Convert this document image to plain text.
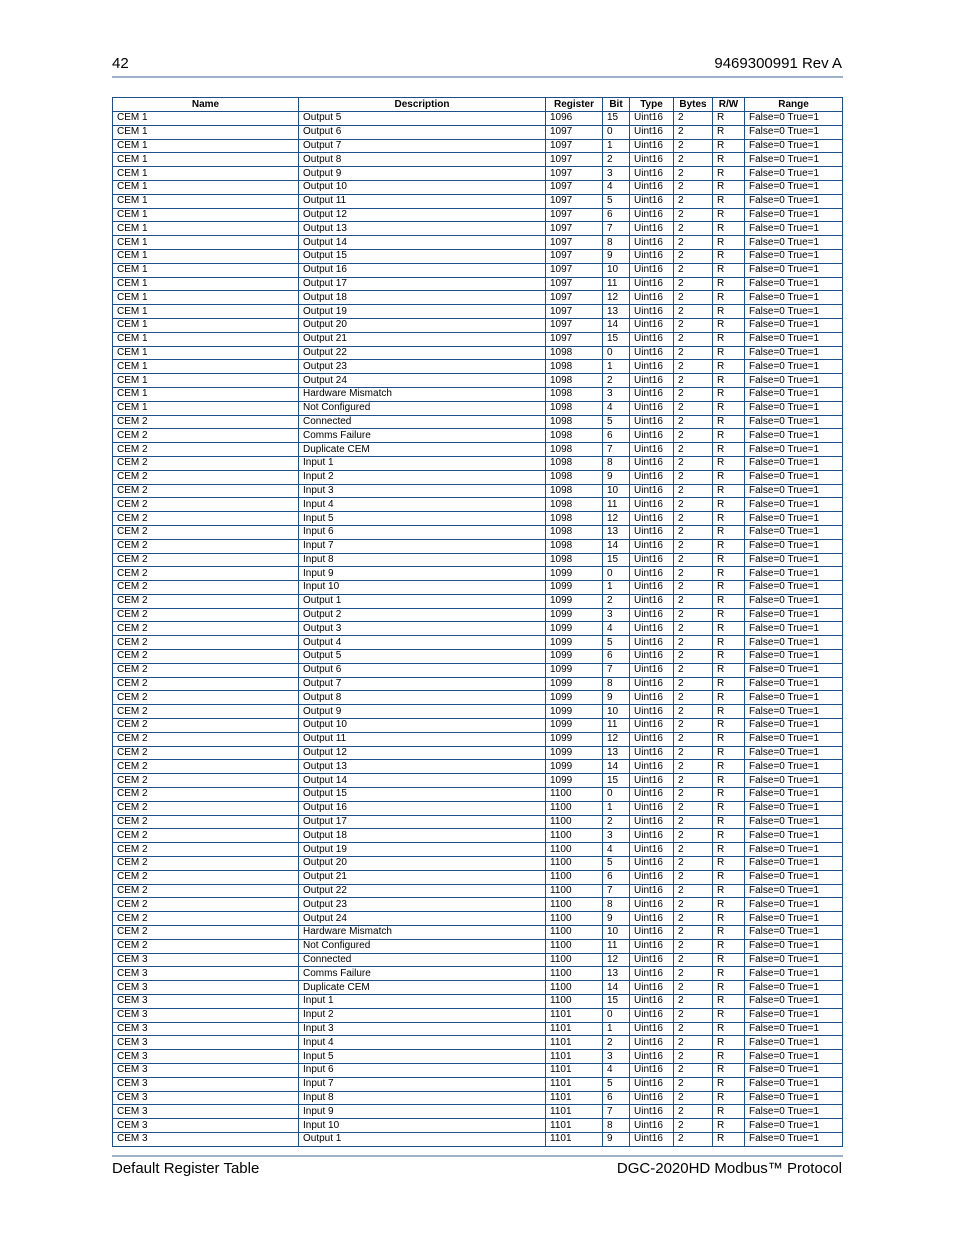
42	9469300991 Rev A
Name	Description	Register	Bit	Type	Bytes	R/W	Range
CEM 1	Output 5	1096	15	Uint16	2	R	False=0 True=1
CEM 1	Output 6	1097	0	Uint16	2	R	False=0 True=1
CEM 1	Output 7	1097	1	Uint16	2	R	False=0 True=1
CEM 1	Output 8	1097	2	Uint16	2	R	False=0 True=1
CEM 1	Output 9	1097	3	Uint16	2	R	False=0 True=1
CEM 1	Output 10	1097	4	Uint16	2	R	False=0 True=1
CEM 1	Output 11	1097	5	Uint16	2	R	False=0 True=1
CEM 1	Output 12	1097	6	Uint16	2	R	False=0 True=1
CEM 1	Output 13	1097	7	Uint16	2	R	False=0 True=1
CEM 1	Output 14	1097	8	Uint16	2	R	False=0 True=1
CEM 1	Output 15	1097	9	Uint16	2	R	False=0 True=1
CEM 1	Output 16	1097	10	Uint16	2	R	False=0 True=1
CEM 1	Output 17	1097	11	Uint16	2	R	False=0 True=1
CEM 1	Output 18	1097	12	Uint16	2	R	False=0 True=1
CEM 1	Output 19	1097	13	Uint16	2	R	False=0 True=1
CEM 1	Output 20	1097	14	Uint16	2	R	False=0 True=1
CEM 1	Output 21	1097	15	Uint16	2	R	False=0 True=1
CEM 1	Output 22	1098	0	Uint16	2	R	False=0 True=1
CEM 1	Output 23	1098	1	Uint16	2	R	False=0 True=1
CEM 1	Output 24	1098	2	Uint16	2	R	False=0 True=1
CEM 1	Hardware Mismatch	1098	3	Uint16	2	R	False=0 True=1
CEM 1	Not Configured	1098	4	Uint16	2	R	False=0 True=1
CEM 2	Connected	1098	5	Uint16	2	R	False=0 True=1
CEM 2	Comms Failure	1098	6	Uint16	2	R	False=0 True=1
CEM 2	Duplicate CEM	1098	7	Uint16	2	R	False=0 True=1
CEM 2	Input 1	1098	8	Uint16	2	R	False=0 True=1
CEM 2	Input 2	1098	9	Uint16	2	R	False=0 True=1
CEM 2	Input 3	1098	10	Uint16	2	R	False=0 True=1
CEM 2	Input 4	1098	11	Uint16	2	R	False=0 True=1
CEM 2	Input 5	1098	12	Uint16	2	R	False=0 True=1
CEM 2	Input 6	1098	13	Uint16	2	R	False=0 True=1
CEM 2	Input 7	1098	14	Uint16	2	R	False=0 True=1
CEM 2	Input 8	1098	15	Uint16	2	R	False=0 True=1
CEM 2	Input 9	1099	0	Uint16	2	R	False=0 True=1
CEM 2	Input 10	1099	1	Uint16	2	R	False=0 True=1
CEM 2	Output 1	1099	2	Uint16	2	R	False=0 True=1
CEM 2	Output 2	1099	3	Uint16	2	R	False=0 True=1
CEM 2	Output 3	1099	4	Uint16	2	R	False=0 True=1
CEM 2	Output 4	1099	5	Uint16	2	R	False=0 True=1
CEM 2	Output 5	1099	6	Uint16	2	R	False=0 True=1
CEM 2	Output 6	1099	7	Uint16	2	R	False=0 True=1
CEM 2	Output 7	1099	8	Uint16	2	R	False=0 True=1
CEM 2	Output 8	1099	9	Uint16	2	R	False=0 True=1
CEM 2	Output 9	1099	10	Uint16	2	R	False=0 True=1
CEM 2	Output 10	1099	11	Uint16	2	R	False=0 True=1
CEM 2	Output 11	1099	12	Uint16	2	R	False=0 True=1
CEM 2	Output 12	1099	13	Uint16	2	R	False=0 True=1
CEM 2	Output 13	1099	14	Uint16	2	R	False=0 True=1
CEM 2	Output 14	1099	15	Uint16	2	R	False=0 True=1
CEM 2	Output 15	1100	0	Uint16	2	R	False=0 True=1
CEM 2	Output 16	1100	1	Uint16	2	R	False=0 True=1
CEM 2	Output 17	1100	2	Uint16	2	R	False=0 True=1
CEM 2	Output 18	1100	3	Uint16	2	R	False=0 True=1
CEM 2	Output 19	1100	4	Uint16	2	R	False=0 True=1
CEM 2	Output 20	1100	5	Uint16	2	R	False=0 True=1
CEM 2	Output 21	1100	6	Uint16	2	R	False=0 True=1
CEM 2	Output 22	1100	7	Uint16	2	R	False=0 True=1
CEM 2	Output 23	1100	8	Uint16	2	R	False=0 True=1
CEM 2	Output 24	1100	9	Uint16	2	R	False=0 True=1
CEM 2	Hardware Mismatch	1100	10	Uint16	2	R	False=0 True=1
CEM 2	Not Configured	1100	11	Uint16	2	R	False=0 True=1
CEM 3	Connected	1100	12	Uint16	2	R	False=0 True=1
CEM 3	Comms Failure	1100	13	Uint16	2	R	False=0 True=1
CEM 3	Duplicate CEM	1100	14	Uint16	2	R	False=0 True=1
CEM 3	Input 1	1100	15	Uint16	2	R	False=0 True=1
CEM 3	Input 2	1101	0	Uint16	2	R	False=0 True=1
CEM 3	Input 3	1101	1	Uint16	2	R	False=0 True=1
CEM 3	Input 4	1101	2	Uint16	2	R	False=0 True=1
CEM 3	Input 5	1101	3	Uint16	2	R	False=0 True=1
CEM 3	Input 6	1101	4	Uint16	2	R	False=0 True=1
CEM 3	Input 7	1101	5	Uint16	2	R	False=0 True=1
CEM 3	Input 8	1101	6	Uint16	2	R	False=0 True=1
CEM 3	Input 9	1101	7	Uint16	2	R	False=0 True=1
CEM 3	Input 10	1101	8	Uint16	2	R	False=0 True=1
CEM 3	Output 1	1101	9	Uint16	2	R	False=0 True=1
Default Register Table	DGC-2020HD Modbus™ Protocol
